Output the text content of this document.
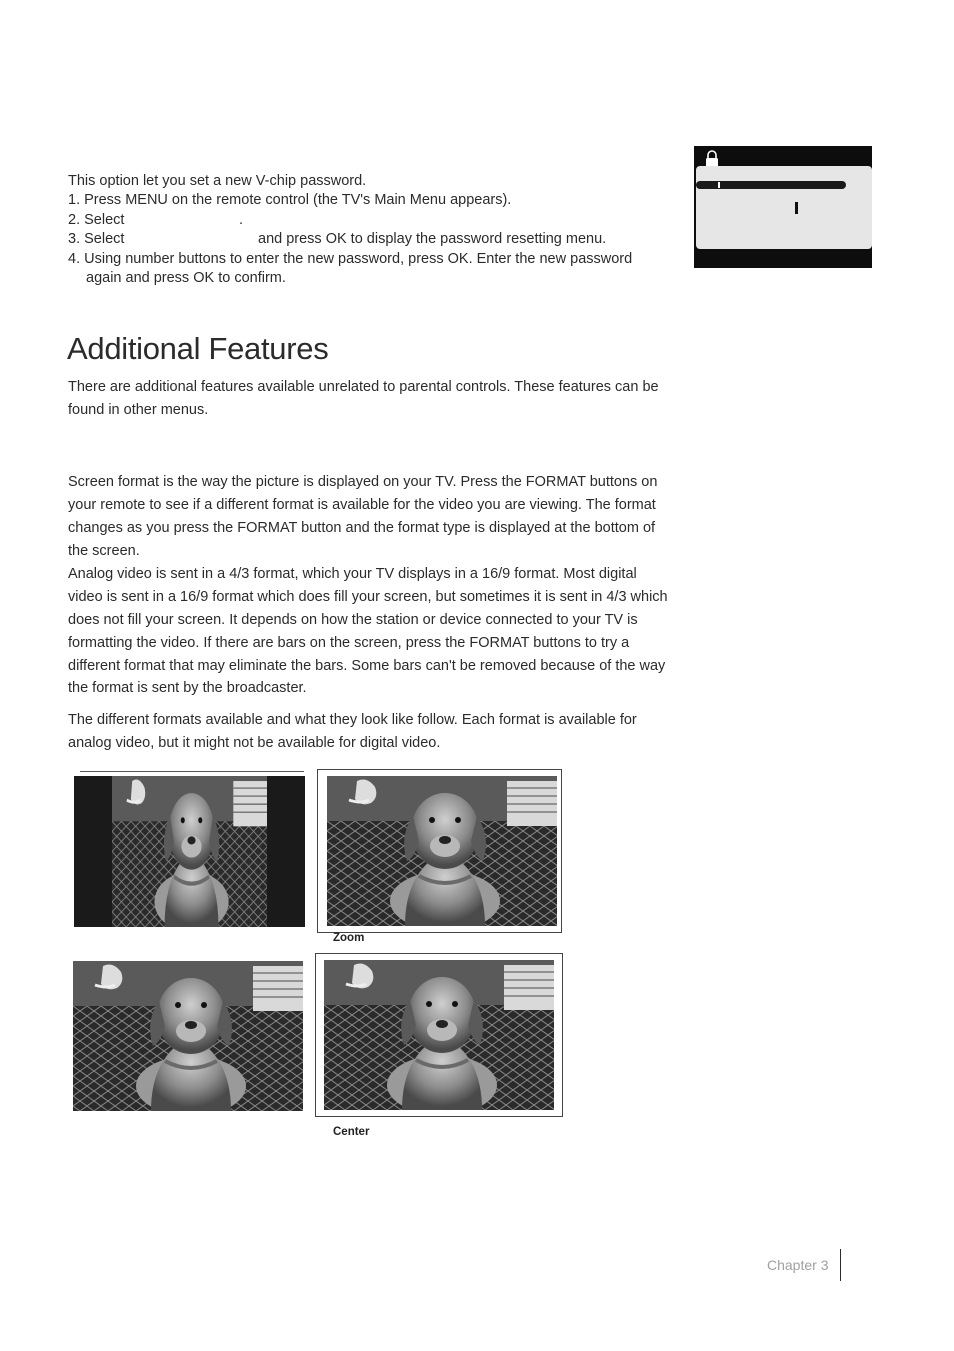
This option let you set a new V-chip password.
1. Press MENU on the remote control (the TV's Main Menu appears).
2. Select	.
3. Select	and press OK to display the password resetting menu.
4. Using number buttons to enter the new password, press OK. Enter the new password
again and press OK to confirm.
Additional Features
There are additional features available unrelated to parental controls. These features can be
found in other menus.
Screen format is the way the picture is displayed on your TV. Press the FORMAT buttons on
your remote to see if a different format is available for the video you are viewing. The format
changes as you press the FORMAT button and the format type is displayed at the bottom of
the screen.
Analog video is sent in a 4/3 format, which your TV displays in a 16/9 format. Most digital
video is sent in a 16/9 format which does fill your screen, but sometimes it is sent in 4/3 which
does not fill your screen. It depends on how the station or device connected to your TV is
formatting the video. If there are bars on the screen, press the FORMAT buttons to try a
different format that may eliminate the bars. Some bars can't be removed because of the way
the format is sent by the broadcaster.
The different formats available and what they look like follow. Each format is available for
analog video, but it might not be available for digital video.
Zoom
Center
Chapter 3
